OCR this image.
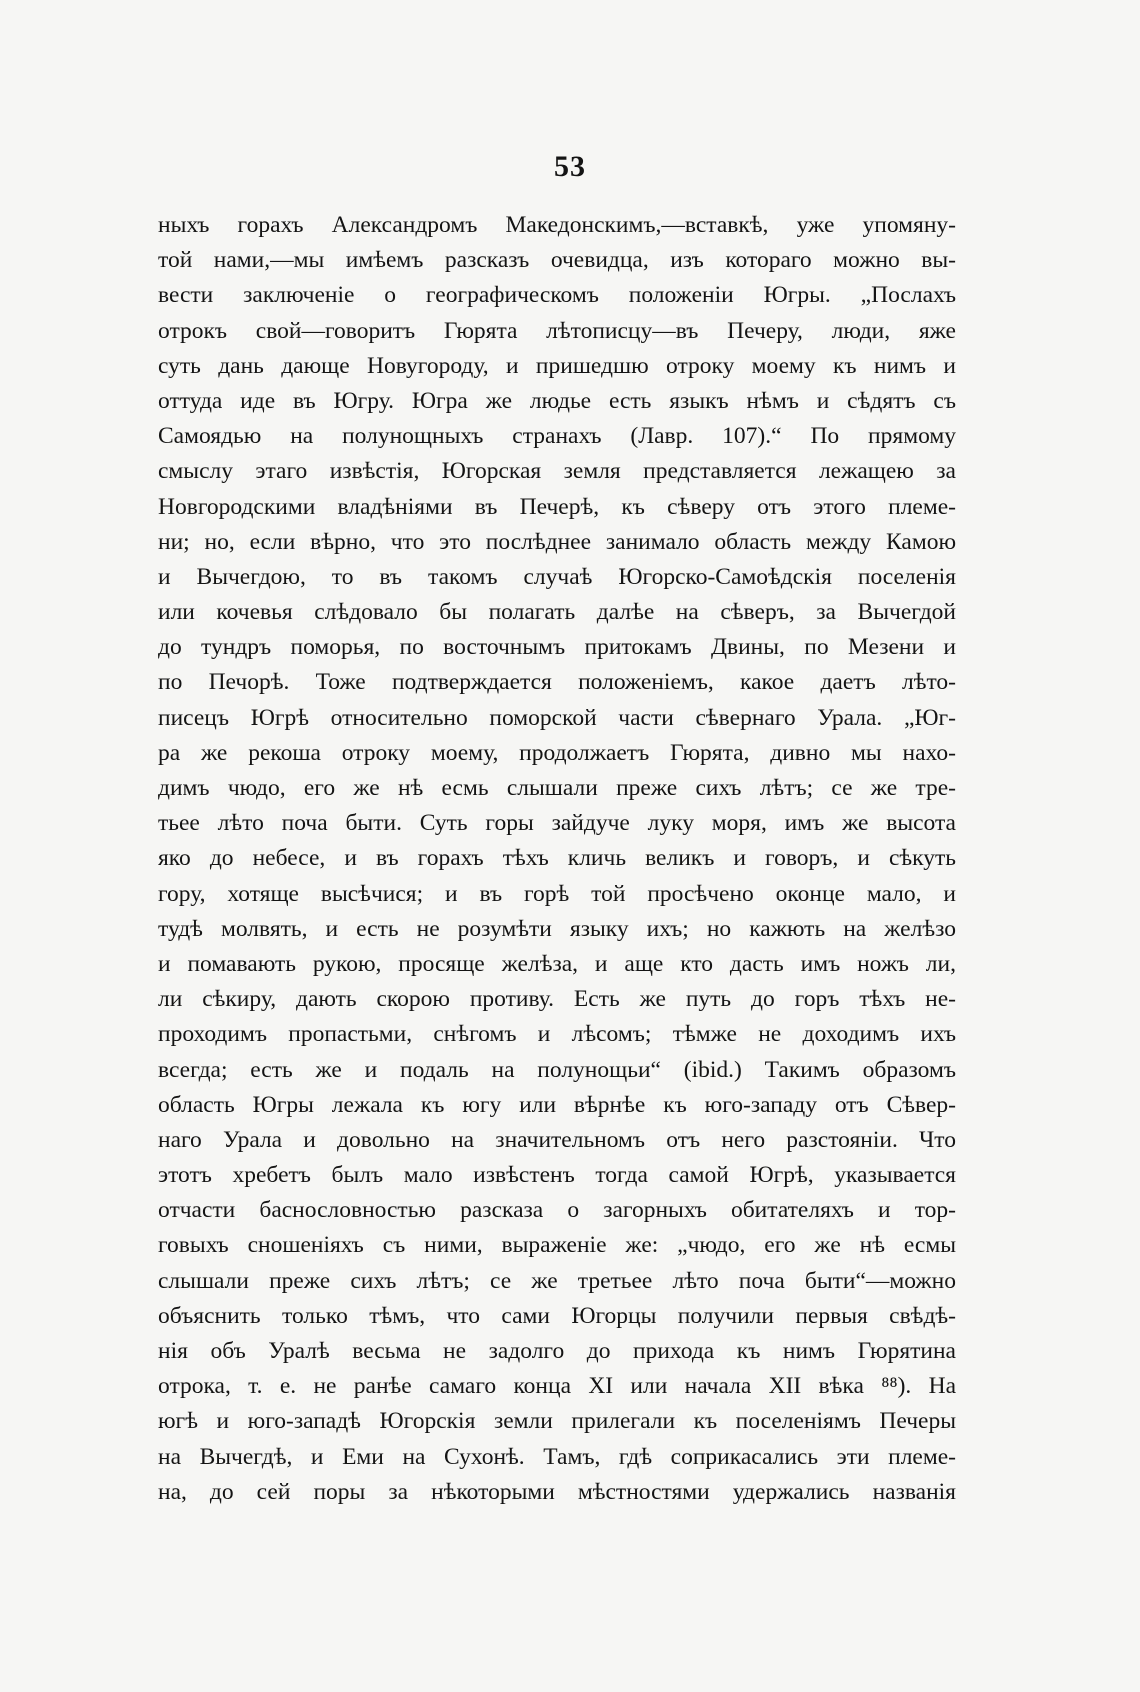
53
ныхъ горахъ Александромъ Македонскимъ,—вставкѣ, уже упомяну-
той нами,—мы имѣемъ разсказъ очевидца, изъ котораго можно вы-
вести заключеніе о географическомъ положеніи Югры. „Послахъ
отрокъ свой—говоритъ Гюрята лѣтописцу—въ Печеру, люди, яже
суть дань дающе Новугороду, и пришедшю отроку моему къ нимъ и
оттуда иде въ Югру. Югра же людье есть языкъ нѣмъ и сѣдятъ съ
Самоядью на полунощныхъ странахъ (Лавр. 107).“ По прямому
смыслу этаго извѣстія, Югорская земля представляется лежащею за
Новгородскими владѣніями въ Печерѣ, къ сѣверу отъ этого племе-
ни; но, если вѣрно, что это послѣднее занимало область между Камою
и Вычегдою, то въ такомъ случаѣ Югорско-Самоѣдскія поселенія
или кочевья слѣдовало бы полагать далѣе на сѣверъ, за Вычегдой
до тундръ поморья, по восточнымъ притокамъ Двины, по Мезени и
по Печорѣ. Тоже подтверждается положеніемъ, какое даетъ лѣто-
писецъ Югрѣ относительно поморской части сѣвернаго Урала. „Юг-
ра же рекоша отроку моему, продолжаетъ Гюрята, дивно мы нахо-
димъ чюдо, его же нѣ есмь слышали преже сихъ лѣтъ; се же тре-
тьее лѣто поча быти. Суть горы зайдуче луку моря, имъ же высота
яко до небесе, и въ горахъ тѣхъ кличь великъ и говоръ, и сѣкуть
гору, хотяще высѣчися; и въ горѣ той просѣчено оконце мало, и
тудѣ молвять, и есть не розумѣти языку ихъ; но кажють на желѣзо
и помавають рукою, просяще желѣза, и аще кто дасть имъ ножъ ли,
ли сѣкиру, дають скорою противу. Есть же путь до горъ тѣхъ не-
проходимъ пропастьми, снѣгомъ и лѣсомъ; тѣмже не доходимъ ихъ
всегда; есть же и подаль на полунощьи“ (ibid.) Такимъ образомъ
область Югры лежала къ югу или вѣрнѣе къ юго-западу отъ Сѣвер-
наго Урала и довольно на значительномъ отъ него разстояніи. Что
этотъ хребетъ былъ мало извѣстенъ тогда самой Югрѣ, указывается
отчасти баснословностью разсказа о загорныхъ обитателяхъ и тор-
говыхъ сношеніяхъ съ ними, выраженіе же: „чюдо, его же нѣ есмы
слышали преже сихъ лѣтъ; се же третьее лѣто поча быти“—можно
объяснить только тѣмъ, что сами Югорцы получили первыя свѣдѣ-
нія объ Уралѣ весьма не задолго до прихода къ нимъ Гюрятина
отрока, т. е. не ранѣе самаго конца XI или начала XII вѣка ⁸⁸). На
югѣ и юго-западѣ Югорскія земли прилегали къ поселеніямъ Печеры
на Вычегдѣ, и Еми на Сухонѣ. Тамъ, гдѣ соприкасались эти племе-
на, до сей поры за нѣкоторыми мѣстностями удержались названія
